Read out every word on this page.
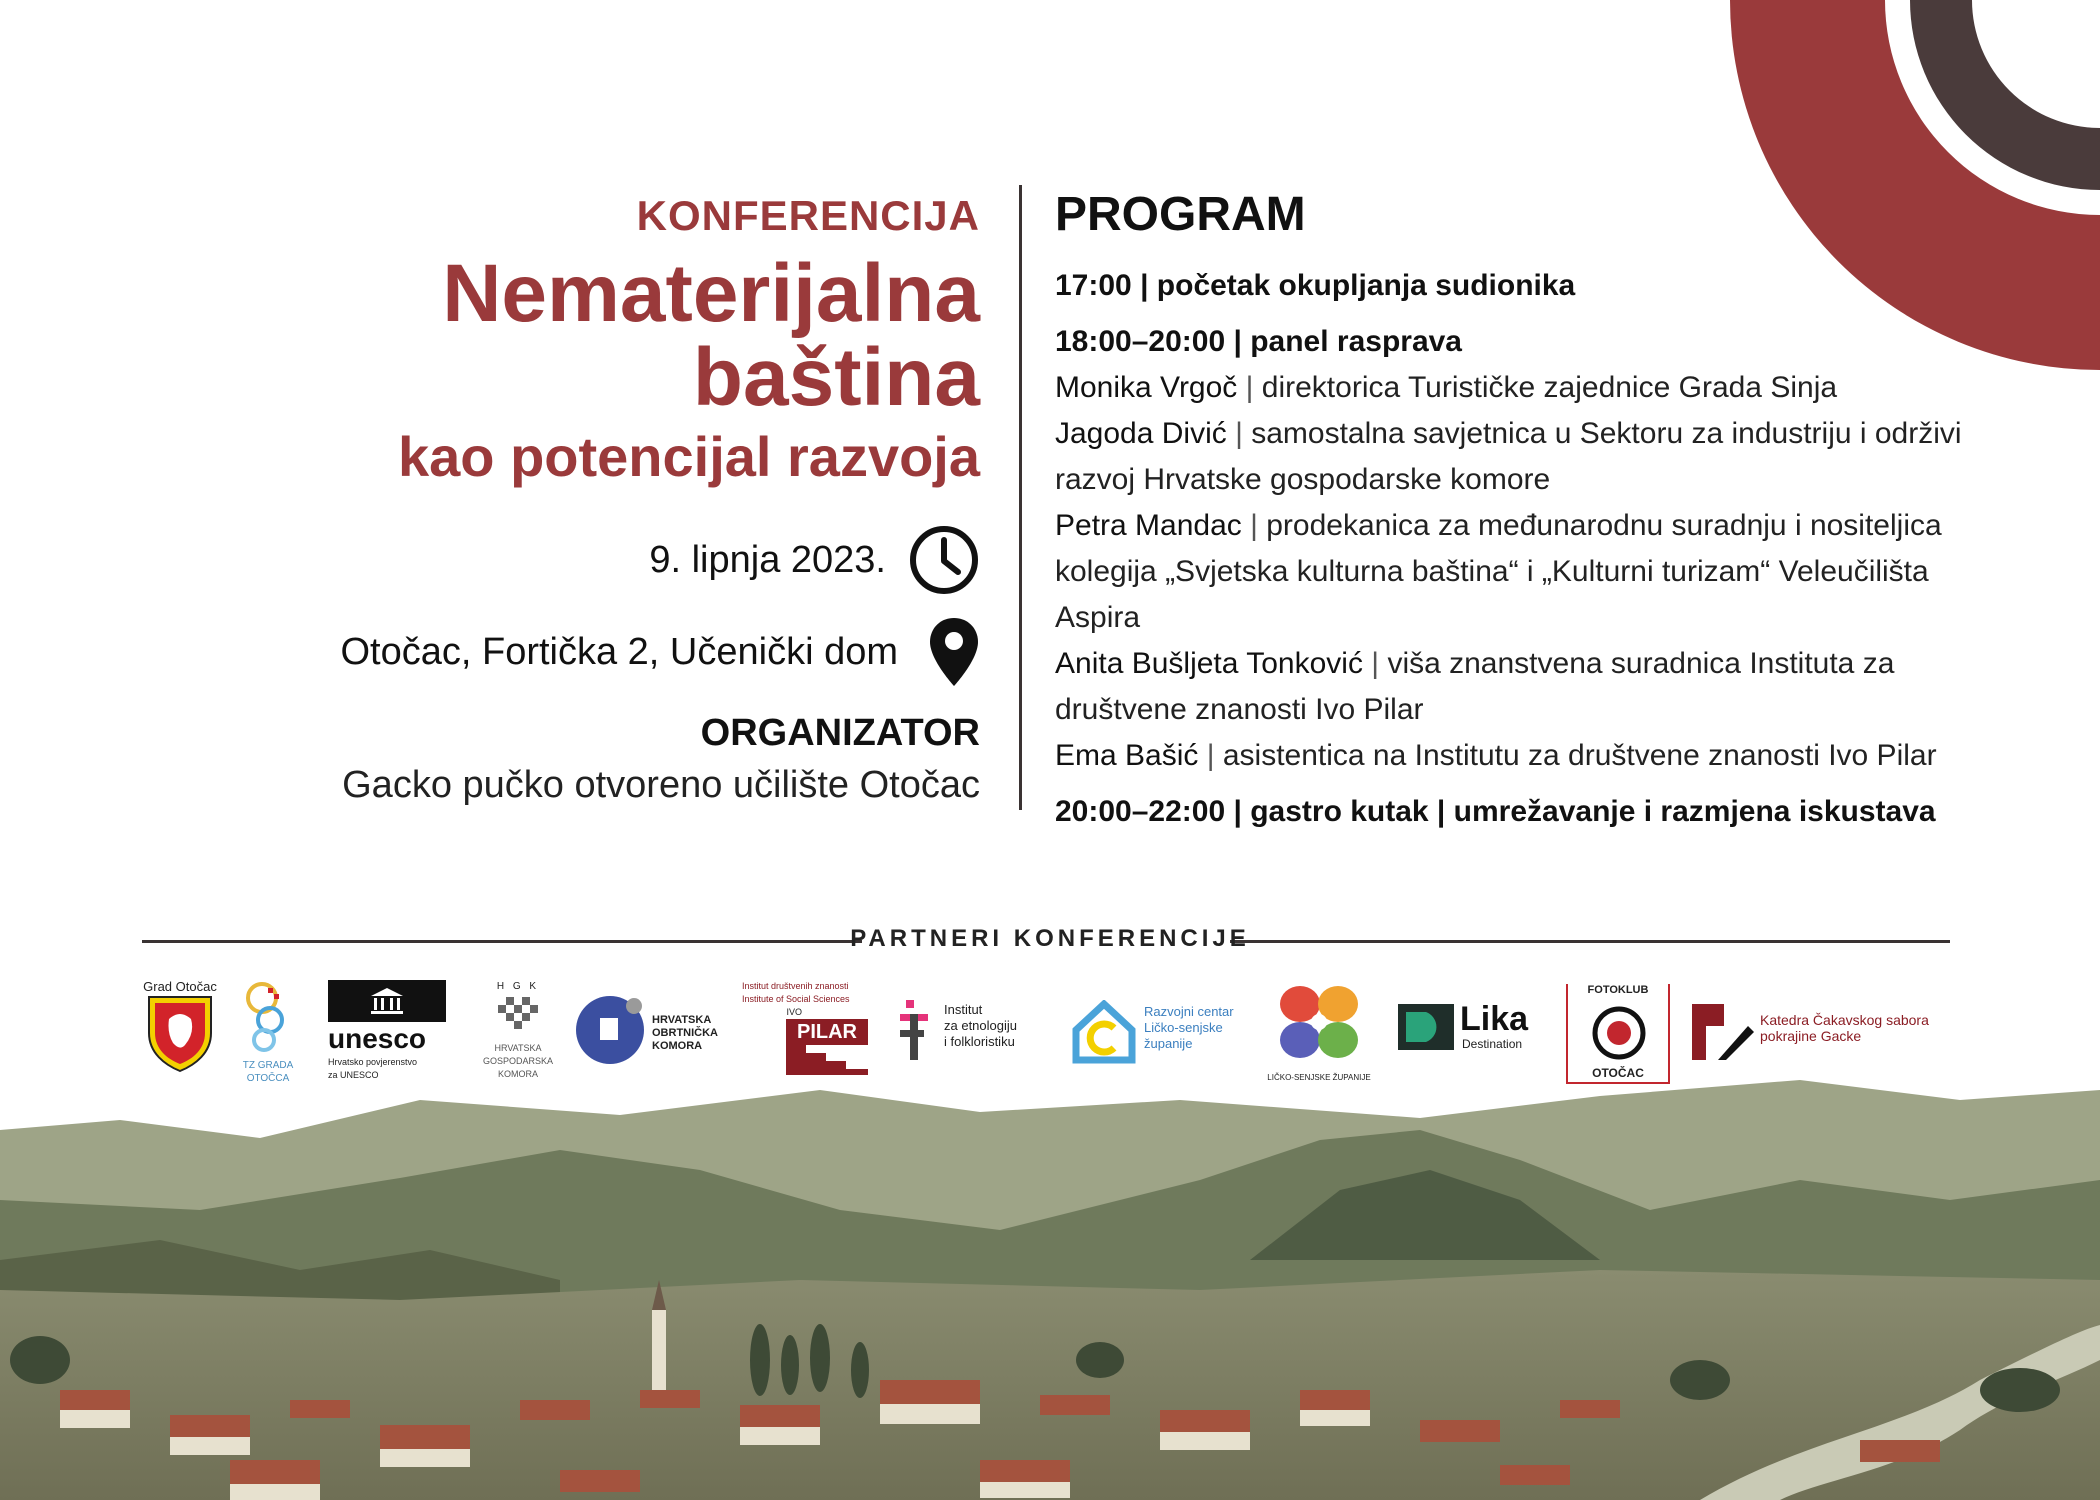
KONFERENCIJA
Nematerijalna
baština
kao potencijal razvoja
9. lipnja 2023.
Otočac, Fortička 2, Učenički dom
ORGANIZATOR
Gacko pučko otvoreno učilište Otočac
PROGRAM
17:00 | početak okupljanja sudionika
18:00–20:00 | panel rasprava
Monika Vrgoč | direktorica Turističke zajednice Grada Sinja
Jagoda Divić | samostalna savjetnica u Sektoru za industriju i održivi razvoj Hrvatske gospodarske komore
Petra Mandac | prodekanica za međunarodnu suradnju i nositeljica kolegija „Svjetska kulturna baština“ i „Kulturni turizam“ Veleučilišta Aspira
Anita Bušljeta Tonković | viša znanstvena suradnica Instituta za društvene znanosti Ivo Pilar
Ema Bašić | asistentica na Institutu za društvene znanosti Ivo Pilar
20:00–22:00 | gastro kutak | umrežavanje i razmjena iskustava
PARTNERI KONFERENCIJE
Grad Otočac
TZ GRADA
OTOČCA
unesco
Hrvatsko povjerenstvo za UNESCO
H G K
HRVATSKA
GOSPODARSKA
KOMORA
HRVATSKA
OBRTNIČKA
KOMORA
Institut društvenih znanosti
Institute of Social Sciences
IVO
PILAR
Institut
za etnologiju
i folkloristiku
Razvojni centar
Ličko-senjske
županije
LIČKO-SENJSKE ŽUPANIJE
Lika
Destination
FOTOKLUB
OTOČAC
Katedra Čakavskog sabora
pokrajine Gacke
